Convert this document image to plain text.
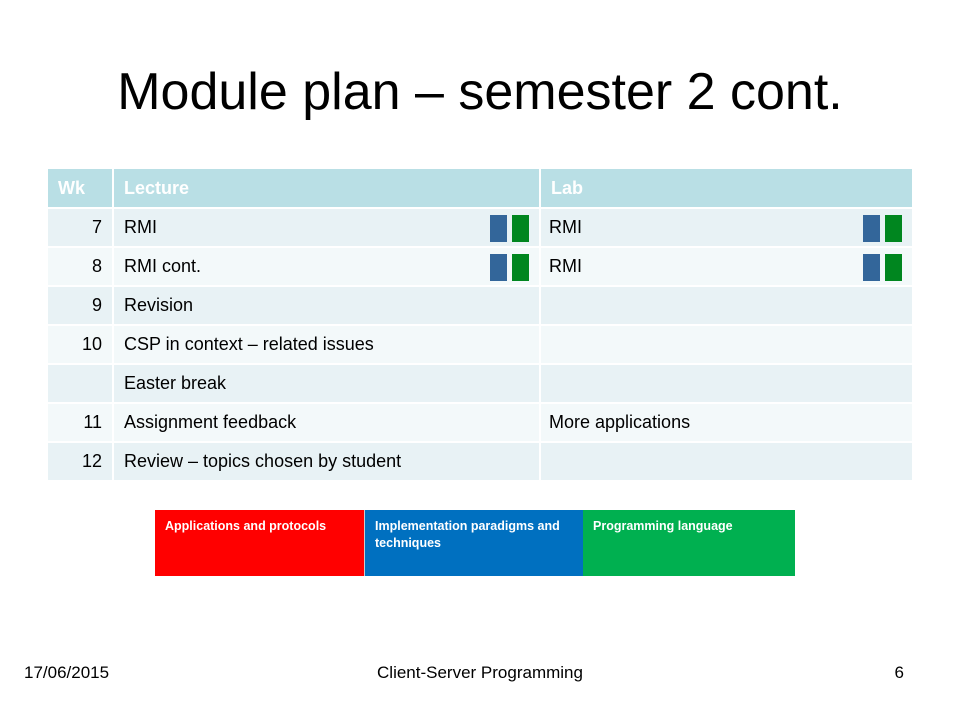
Module plan – semester 2 cont.
Wk	Lecture	Lab
7	RMI	RMI

8	RMI cont.	RMI

9	Revision	
10	CSP in context – related issues	
	Easter break	
11	Assignment feedback	More applications
12	Review – topics chosen by student	
Applications and protocols	Implementation paradigms and techniques
Programming language
17/06/2015	Client-Server Programming	6
